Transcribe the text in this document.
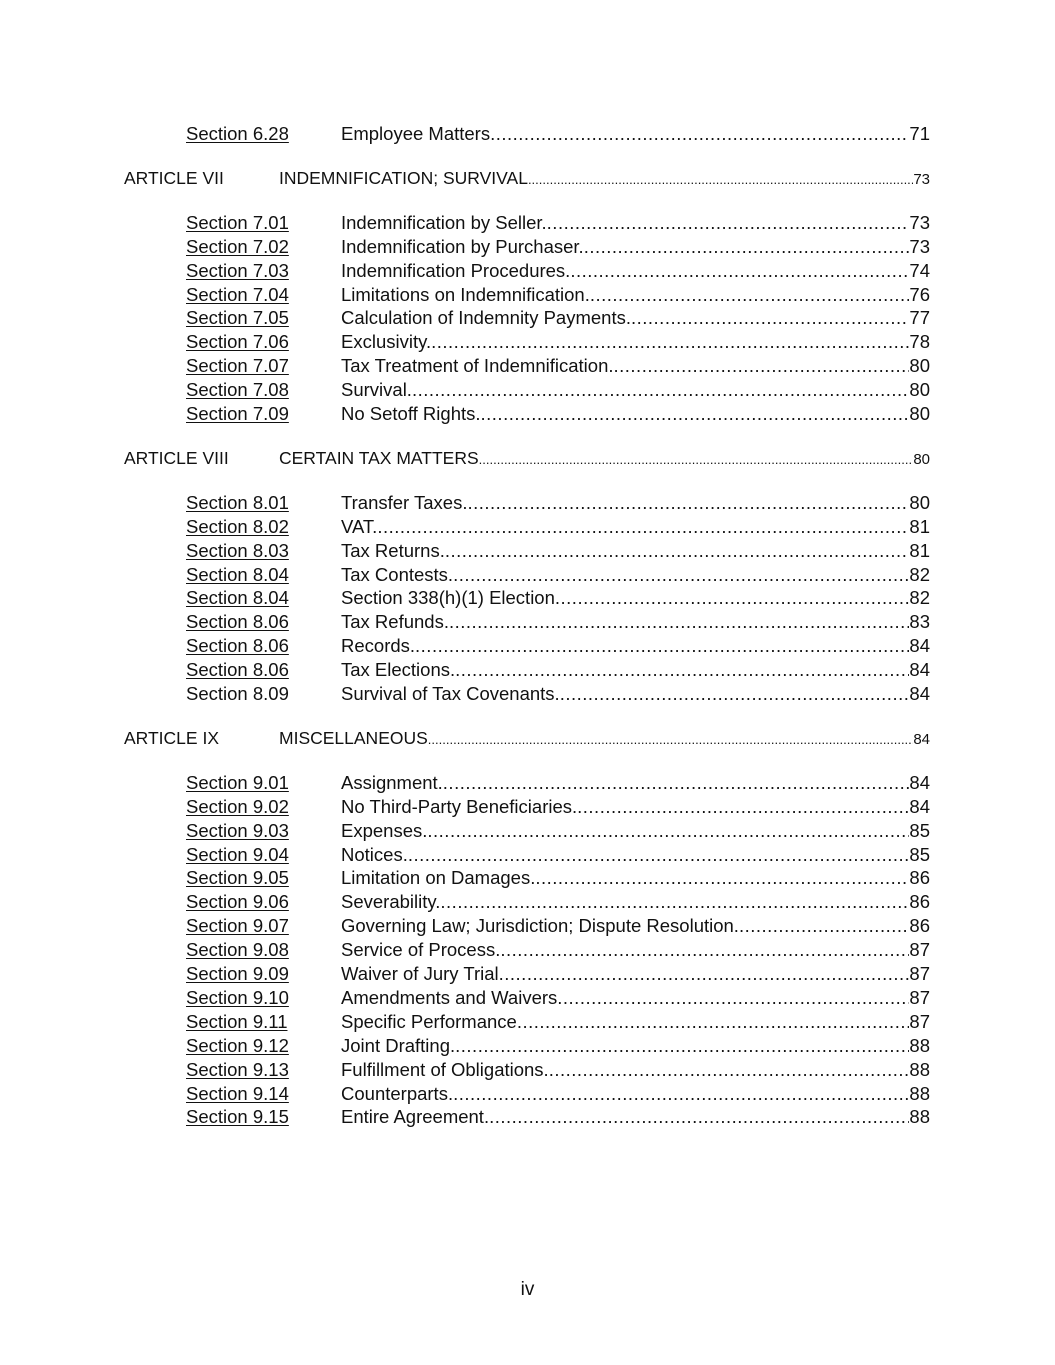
Section 6.28	Employee Matters .....	71
ARTICLE VII	INDEMNIFICATION; SURVIVAL .....	73
Section 7.01	Indemnification by Seller. .....	73
Section 7.02	Indemnification by Purchaser. .....	73
Section 7.03	Indemnification Procedures. .....	74
Section 7.04	Limitations on Indemnification. .....	76
Section 7.05	Calculation of Indemnity Payments. .....	77
Section 7.06	Exclusivity. .....	78
Section 7.07	Tax Treatment of Indemnification. .....	80
Section 7.08	Survival. .....	80
Section 7.09	No Setoff Rights. .....	80
ARTICLE VIII	CERTAIN TAX MATTERS .....	80
Section 8.01	Transfer Taxes. .....	80
Section 8.02	VAT. .....	81
Section 8.03	Tax Returns. .....	81
Section 8.04	Tax Contests. .....	82
Section 8.04	Section 338(h)(1) Election .....	82
Section 8.06	Tax Refunds. .....	83
Section 8.06	Records. .....	84
Section 8.06	Tax Elections. .....	84
Section 8.09	Survival of Tax Covenants. .....	84
ARTICLE IX	MISCELLANEOUS .....	84
Section 9.01	Assignment. .....	84
Section 9.02	No Third-Party Beneficiaries. .....	84
Section 9.03	Expenses. .....	85
Section 9.04	Notices. .....	85
Section 9.05	Limitation on Damages. .....	86
Section 9.06	Severability. .....	86
Section 9.07	Governing Law; Jurisdiction; Dispute Resolution. .....	86
Section 9.08	Service of Process. .....	87
Section 9.09	Waiver of Jury Trial .....	87
Section 9.10	Amendments and Waivers .....	87
Section 9.11	Specific Performance .....	87
Section 9.12	Joint Drafting. .....	88
Section 9.13	Fulfillment of Obligations. .....	88
Section 9.14	Counterparts. .....	88
Section 9.15	Entire Agreement. .....	88
iv
